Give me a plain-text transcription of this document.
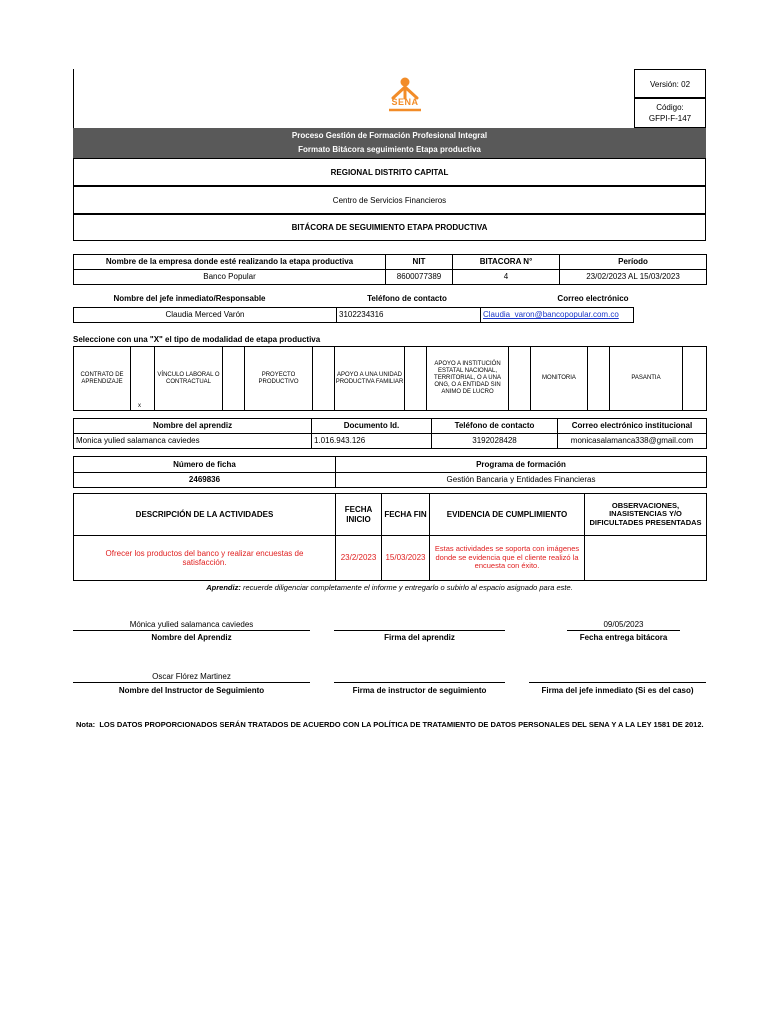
SENA
Versión: 02
Código:
GFPI-F-147
Proceso Gestión de Formación Profesional Integral
Formato Bitácora seguimiento Etapa productiva
REGIONAL DISTRITO CAPITAL
Centro de Servicios Financieros
BITÁCORA DE SEGUIMIENTO ETAPA PRODUCTIVA
Nombre de la empresa donde esté realizando la etapa productiva	NIT	BITACORA N°	Período
Banco Popular	8600077389	4	23/02/2023 AL 15/03/2023
Nombre del jefe inmediato/Responsable	Teléfono de contacto	Correo electrónico
Claudia Merced Varón	3102234316	Claudia_varon@bancopopular.com.co
Seleccione con una "X" el tipo de modalidad de etapa productiva
CONTRATO DE APRENDIZAJE	x	VÍNCULO LABORAL O CONTRACTUAL		PROYECTO PRODUCTIVO		APOYO A UNA UNIDAD PRODUCTIVA FAMILIAR		APOYO A INSTITUCIÓN ESTATAL NACIONAL, TERRITORIAL, O A UNA ONG, O A ENTIDAD SIN ANIMO DE LUCRO		MONITORIA		PASANTIA	
Nombre del aprendiz	Documento Id.	Teléfono de contacto	Correo electrónico institucional
Monica yulied salamanca caviedes	1.016.943.126	3192028428	monicasalamanca338@gmail.com
Número de ficha	Programa de formación
2469836	Gestión Bancaria y Entidades Financieras
DESCRIPCIÓN DE LA ACTIVIDADES	FECHA INICIO	FECHA FIN	EVIDENCIA DE CUMPLIMIENTO	OBSERVACIONES, INASISTENCIAS Y/O DIFICULTADES PRESENTADAS
Ofrecer los productos del banco y realizar encuestas de satisfacción.	23/2/2023	15/03/2023	Estas actividades se soporta con imágenes donde se evidencia que el cliente realizó la encuesta con éxito.	
Aprendiz: recuerde diligenciar completamente el informe y entregarlo o subirlo al espacio asignado para este.
Mónica yulied salamanca caviedes
Nombre del Aprendiz	Firma del aprendiz
09/05/2023
Fecha entrega bitácora
Oscar Flórez Martinez
Nombre del Instructor de Seguimiento	Firma de instructor de seguimiento	Firma del jefe inmediato (Si es del caso)
Nota: LOS DATOS PROPORCIONADOS SERÁN TRATADOS DE ACUERDO CON LA POLÍTICA DE TRATAMIENTO DE DATOS PERSONALES DEL SENA Y A LA LEY 1581 DE 2012.
